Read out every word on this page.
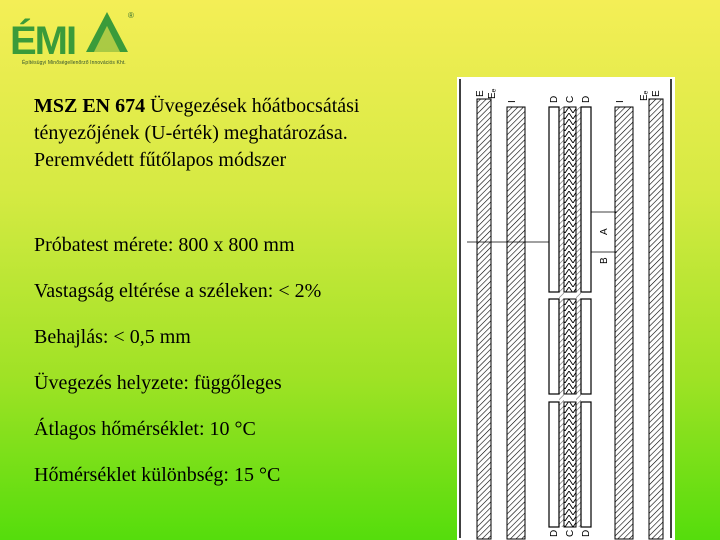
ÉMI
®
Építésügyi Minőségellenőrző Innovációs Kht.
MSZ EN 674 Üvegezések hőátbocsátási tényezőjének (U-érték) meghatározása. Peremvédett fűtőlapos módszer
Próbatest mérete: 800 x 800 mm
Vastagság eltérése a széleken: < 2%
Behajlás: < 0,5 mm
Üvegezés helyzete: függőleges
Átlagos hőmérséklet: 10 °C
Hőmérséklet különbség: 15 °C
E Eₑ
I	D C D I
Eₑ E
A
B
D C D
